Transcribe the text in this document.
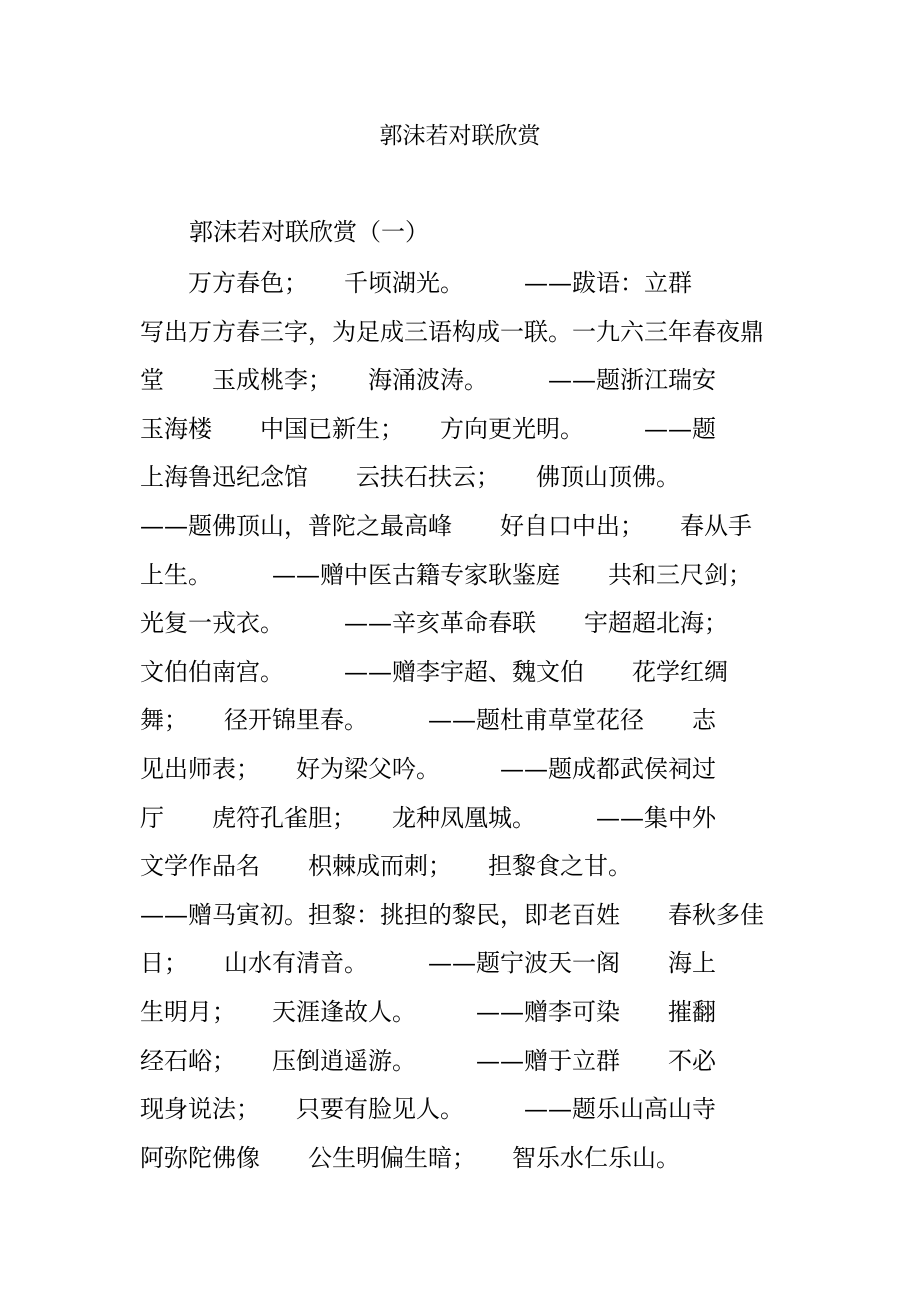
郭沫若对联欣赏
郭沫若对联欣赏（一）
　　万方春色；　　千顷湖光。　　　——跋语：立群
写出万方春三字，为足成三语构成一联。一九六三年春夜鼎
堂　　玉成桃李；　　海涌波涛。　　　——题浙江瑞安
玉海楼　　中国已新生；　　方向更光明。　　　——题
上海鲁迅纪念馆　　云扶石扶云；　　佛顶山顶佛。
——题佛顶山，普陀之最高峰　　好自口中出；　　春从手
上生。　　　——赠中医古籍专家耿鉴庭　　共和三尺剑；
光复一戎衣。　　　——辛亥革命春联　　宇超超北海；
文伯伯南宫。　　　——赠李宇超、魏文伯　　花学红绸
舞；　　径开锦里春。　　　——题杜甫草堂花径　　志
见出师表；　　好为梁父吟。　　　——题成都武侯祠过
厅　　虎符孔雀胆；　　龙种凤凰城。　　　——集中外
文学作品名　　枳棘成而刺；　　担黎食之甘。
——赠马寅初。担黎：挑担的黎民，即老百姓　　春秋多佳
日；　　山水有清音。　　　——题宁波天一阁　　海上
生明月；　　天涯逢故人。　　　——赠李可染　　摧翻
经石峪；　　压倒逍遥游。　　　——赠于立群　　不必
现身说法；　　只要有脸见人。　　　——题乐山高山寺
阿弥陀佛像　　公生明偏生暗；　　智乐水仁乐山。
